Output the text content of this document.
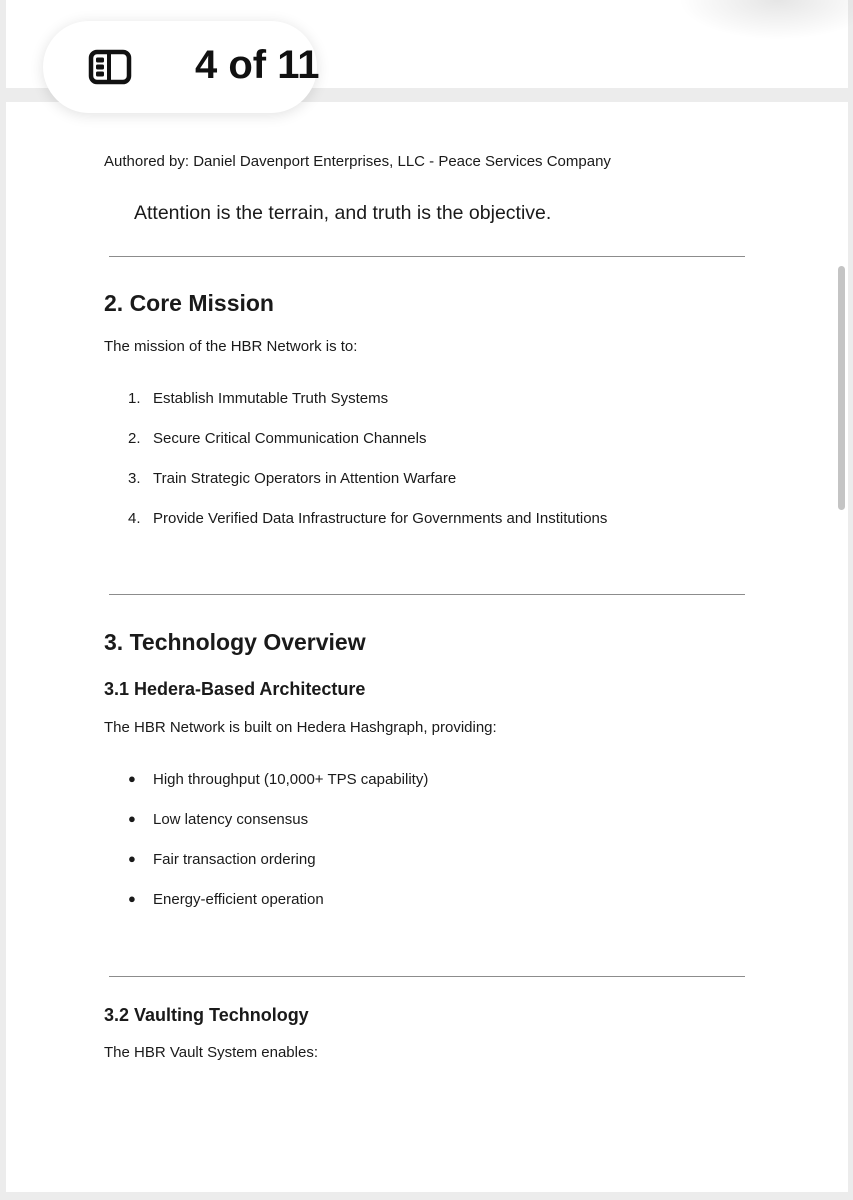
4 of 11
Authored by: Daniel Davenport Enterprises, LLC - Peace Services Company
Attention is the terrain, and truth is the objective.
2. Core Mission
The mission of the HBR Network is to:
1. Establish Immutable Truth Systems
2. Secure Critical Communication Channels
3. Train Strategic Operators in Attention Warfare
4. Provide Verified Data Infrastructure for Governments and Institutions
3. Technology Overview
3.1 Hedera-Based Architecture
The HBR Network is built on Hedera Hashgraph, providing:
● High throughput (10,000+ TPS capability)
● Low latency consensus
● Fair transaction ordering
● Energy-efficient operation
3.2 Vaulting Technology
The HBR Vault System enables:
